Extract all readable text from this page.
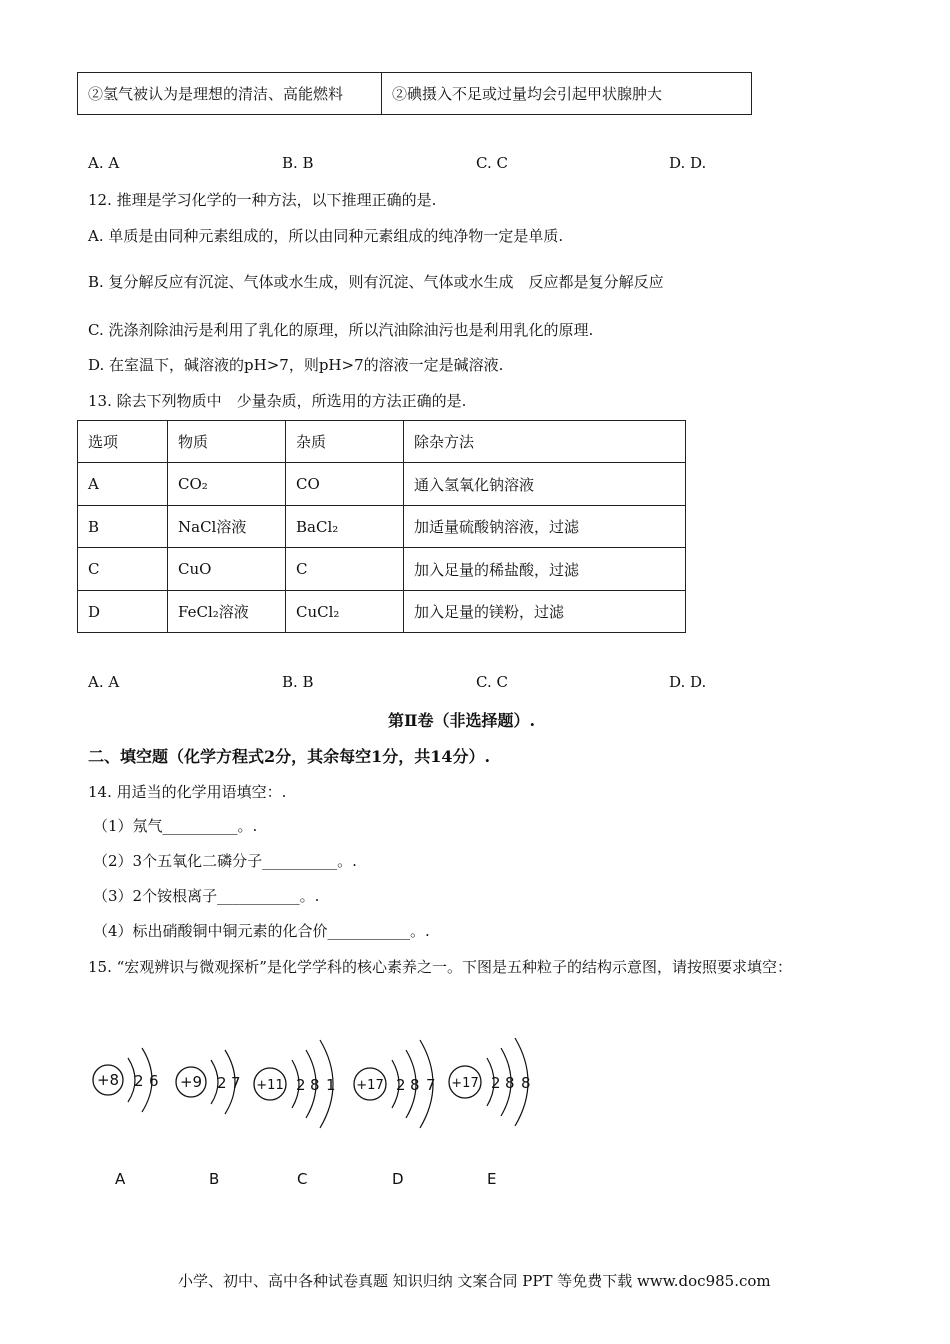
②氢气被认为是理想的清洁、高能燃料	②碘摄入不足或过量均会引起甲状腺肿大
A. A	B. B	C. C	D. D.
12. 推理是学习化学的一种方法，以下推理正确的是.
A. 单质是由同种元素组成的，所以由同种元素组成的纯净物一定是单质.
B. 复分解反应有沉淀、气体或水生成，则有沉淀、气体或水生成　反应都是复分解反应
C. 洗涤剂除油污是利用了乳化的原理，所以汽油除油污也是利用乳化的原理.
D. 在室温下，碱溶液的pH>7，则pH>7的溶液一定是碱溶液.
13. 除去下列物质中　少量杂质，所选用的方法正确的是.
选项	物质	杂质	除杂方法
A	CO₂	CO	通入氢氧化钠溶液
B	NaCl溶液	BaCl₂	加适量硫酸钠溶液，过滤
C	CuO	C	加入足量的稀盐酸，过滤
D	FeCl₂溶液	CuCl₂	加入足量的镁粉，过滤
A. A	B. B	C. C	D. D.
第Ⅱ卷（非选择题）.
二、填空题（化学方程式2分，其余每空1分，共14分）.
14. 用适当的化学用语填空：.
（1）氖气__________。.
（2）3个五氧化二磷分子__________。.
（3）2个铵根离子___________。.
（4）标出硝酸铜中铜元素的化合价___________。.
15. “宏观辨识与微观探析”是化学学科的核心素养之一。下图是五种粒子的结构示意图，请按照要求填空：
+8 2 6 +9 2 7 +11 2 8 1 +17 2 8 7 +17 2 8 8
A	B	C	D	E
小学、初中、高中各种试卷真题 知识归纳 文案合同 PPT 等免费下载 www.doc985.com
